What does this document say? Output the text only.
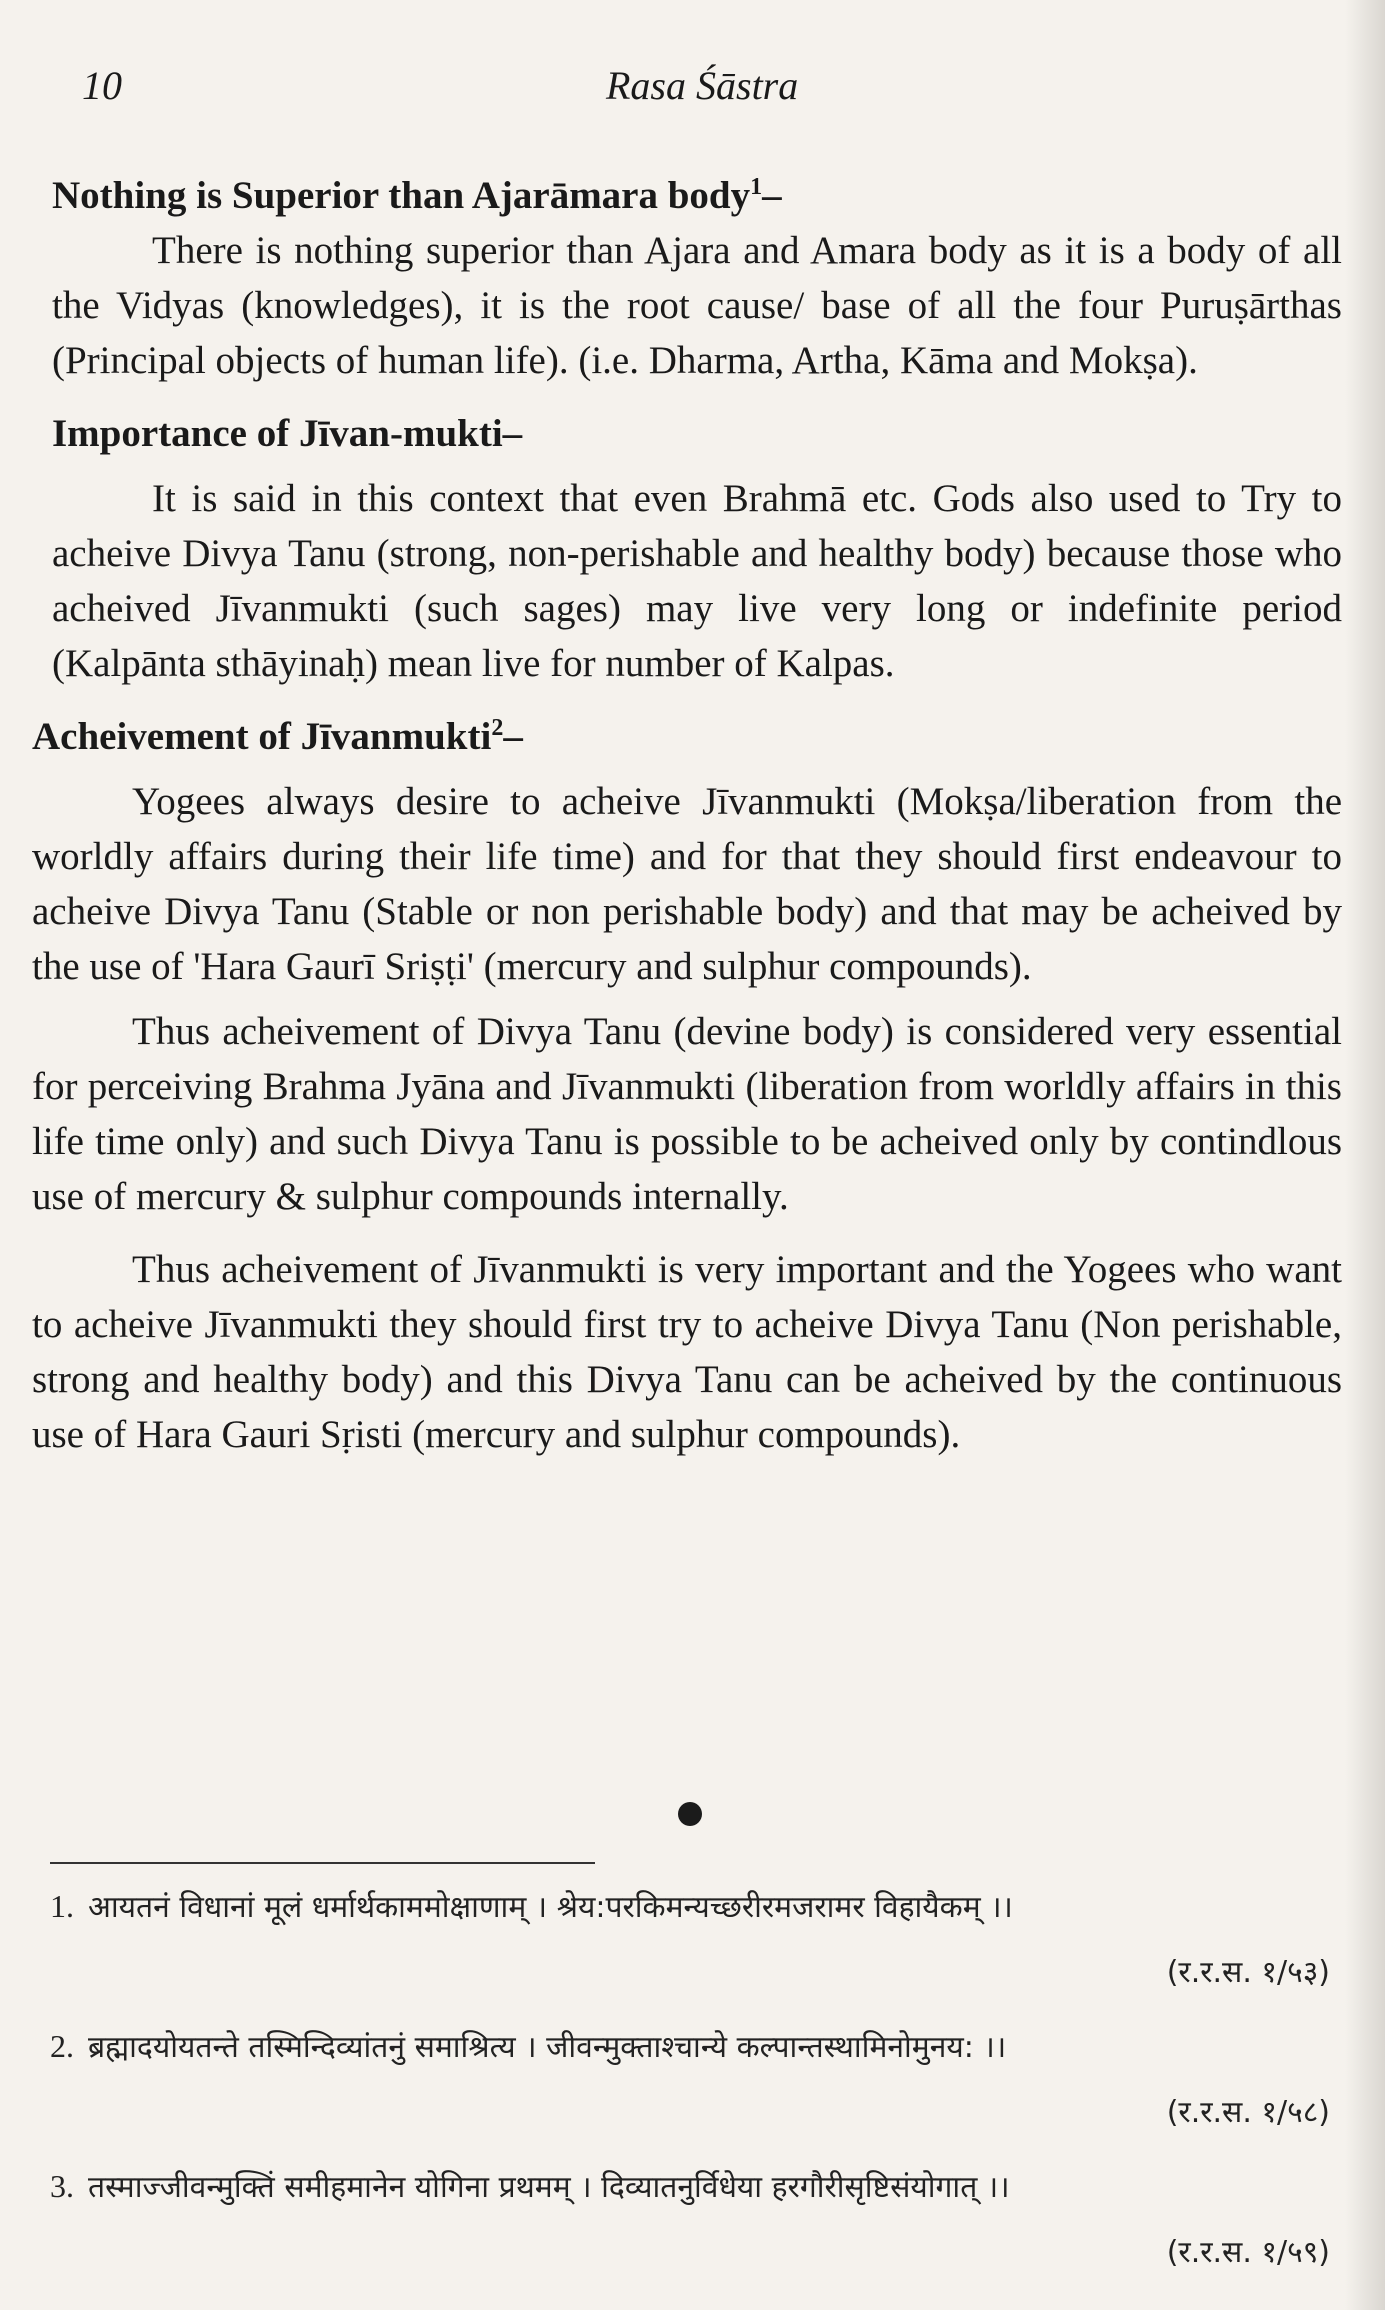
10	Rasa Śāstra

Nothing is Superior than Ajarāmara body$^1$–

There is nothing superior than Ajara and Amara body as it is a body of all the Vidyas (knowledges), it is the root cause/ base of all the four Puruṣārthas (Principal objects of human life). (i.e. Dharma, Artha, Kāma and Mokṣa).

Importance of Jīvan-mukti–

It is said in this context that even Brahmā etc. Gods also used to Try to acheive Divya Tanu (strong, non-perishable and healthy body) because those who acheived Jīvanmukti (such sages) may live very long or indefinite period (Kalpānta sthāyinaḥ) mean live for number of Kalpas.

Acheivement of Jīvanmukti$^2$–

Yogees always desire to acheive Jīvanmukti (Mokṣa/liberation from the worldly affairs during their life time) and for that they should first endeavour to acheive Divya Tanu (Stable or non perishable body) and that may be acheived by the use of 'Hara Gaurī Sriṣṭi' (mercury and sulphur compounds).

Thus acheivement of Divya Tanu (devine body) is considered very essential for perceiving Brahma Jyāna and Jīvanmukti (liberation from worldly affairs in this life time only) and such Divya Tanu is possible to be acheived only by contindlous use of mercury & sulphur compounds internally.

Thus acheivement of Jīvanmukti is very important and the Yogees who want to acheive Jīvanmukti they should first try to acheive Divya Tanu (Non perishable, strong and healthy body) and this Divya Tanu can be acheived by the continuous use of Hara Gauri Sṛisti (mercury and sulphur compounds).

1. आयतनं विधानां मूलं धर्मार्थकाममोक्षाणाम् । श्रेय:परकिमन्यच्छरीरमजरामर विहायैकम् ।।
(र.र.स. १/५३)
2. ब्रह्मादयोयतन्ते तस्मिन्दिव्यांतनुं समाश्रित्य । जीवन्मुक्ताश्चान्ये कल्पान्तस्थामिनोमुनय: ।।
(र.र.स. १/५८)
3. तस्माज्जीवन्मुक्तिं समीहमानेन योगिना प्रथमम् । दिव्यातनुर्विधेया हरगौरीसृष्टिसंयोगात् ।।
(र.र.स. १/५९)
